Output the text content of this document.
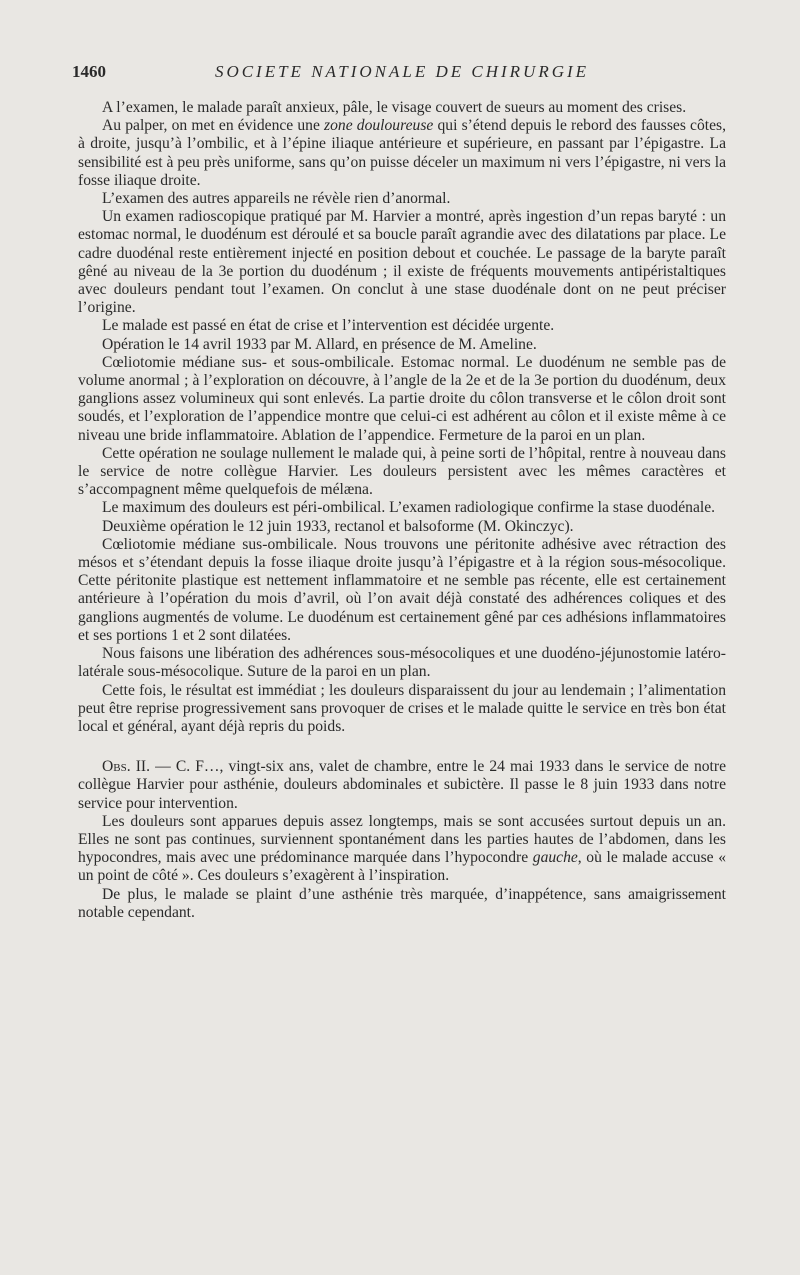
1460	SOCIETE NATIONALE DE CHIRURGIE

A l’examen, le malade paraît anxieux, pâle, le visage couvert de sueurs au moment des crises.

Au palper, on met en évidence une zone douloureuse qui s’étend depuis le rebord des fausses côtes, à droite, jusqu’à l’ombilic, et à l’épine iliaque antérieure et supérieure, en passant par l’épigastre. La sensibilité est à peu près uniforme, sans qu’on puisse déceler un maximum ni vers l’épigastre, ni vers la fosse iliaque droite.

L’examen des autres appareils ne révèle rien d’anormal.

Un examen radioscopique pratiqué par M. Harvier a montré, après ingestion d’un repas baryté : un estomac normal, le duodénum est déroulé et sa boucle paraît agrandie avec des dilatations par place. Le cadre duodénal reste entièrement injecté en position debout et couchée. Le passage de la baryte paraît gêné au niveau de la 3e portion du duodénum ; il existe de fréquents mouvements antipéristaltiques avec douleurs pendant tout l’examen. On conclut à une stase duodénale dont on ne peut préciser l’origine.

Le malade est passé en état de crise et l’intervention est décidée urgente.

Opération le 14 avril 1933 par M. Allard, en présence de M. Ameline.

Cœliotomie médiane sus- et sous-ombilicale. Estomac normal. Le duodénum ne semble pas de volume anormal ; à l’exploration on découvre, à l’angle de la 2e et de la 3e portion du duodénum, deux ganglions assez volumineux qui sont enlevés. La partie droite du côlon transverse et le côlon droit sont soudés, et l’exploration de l’appendice montre que celui-ci est adhérent au côlon et il existe même à ce niveau une bride inflammatoire. Ablation de l’appendice. Fermeture de la paroi en un plan.

Cette opération ne soulage nullement le malade qui, à peine sorti de l’hôpital, rentre à nouveau dans le service de notre collègue Harvier. Les douleurs persistent avec les mêmes caractères et s’accompagnent même quelquefois de mélæna.

Le maximum des douleurs est péri-ombilical. L’examen radiologique confirme la stase duodénale.

Deuxième opération le 12 juin 1933, rectanol et balsoforme (M. Okinczyc).

Cœliotomie médiane sus-ombilicale. Nous trouvons une péritonite adhésive avec rétraction des mésos et s’étendant depuis la fosse iliaque droite jusqu’à l’épigastre et à la région sous-mésocolique. Cette péritonite plastique est nettement inflammatoire et ne semble pas récente, elle est certainement antérieure à l’opération du mois d’avril, où l’on avait déjà constaté des adhérences coliques et des ganglions augmentés de volume. Le duodénum est certainement gêné par ces adhésions inflammatoires et ses portions 1 et 2 sont dilatées.

Nous faisons une libération des adhérences sous-mésocoliques et une duodéno-jéjunostomie latéro-latérale sous-mésocolique. Suture de la paroi en un plan.

Cette fois, le résultat est immédiat ; les douleurs disparaissent du jour au lendemain ; l’alimentation peut être reprise progressivement sans provoquer de crises et le malade quitte le service en très bon état local et général, ayant déjà repris du poids.

Obs. II. — C. F…, vingt-six ans, valet de chambre, entre le 24 mai 1933 dans le service de notre collègue Harvier pour asthénie, douleurs abdominales et subictère. Il passe le 8 juin 1933 dans notre service pour intervention.

Les douleurs sont apparues depuis assez longtemps, mais se sont accusées surtout depuis un an. Elles ne sont pas continues, surviennent spontanément dans les parties hautes de l’abdomen, dans les hypocondres, mais avec une prédominance marquée dans l’hypocondre gauche, où le malade accuse « un point de côté ». Ces douleurs s’exagèrent à l’inspiration.

De plus, le malade se plaint d’une asthénie très marquée, d’inappétence, sans amaigrissement notable cependant.
